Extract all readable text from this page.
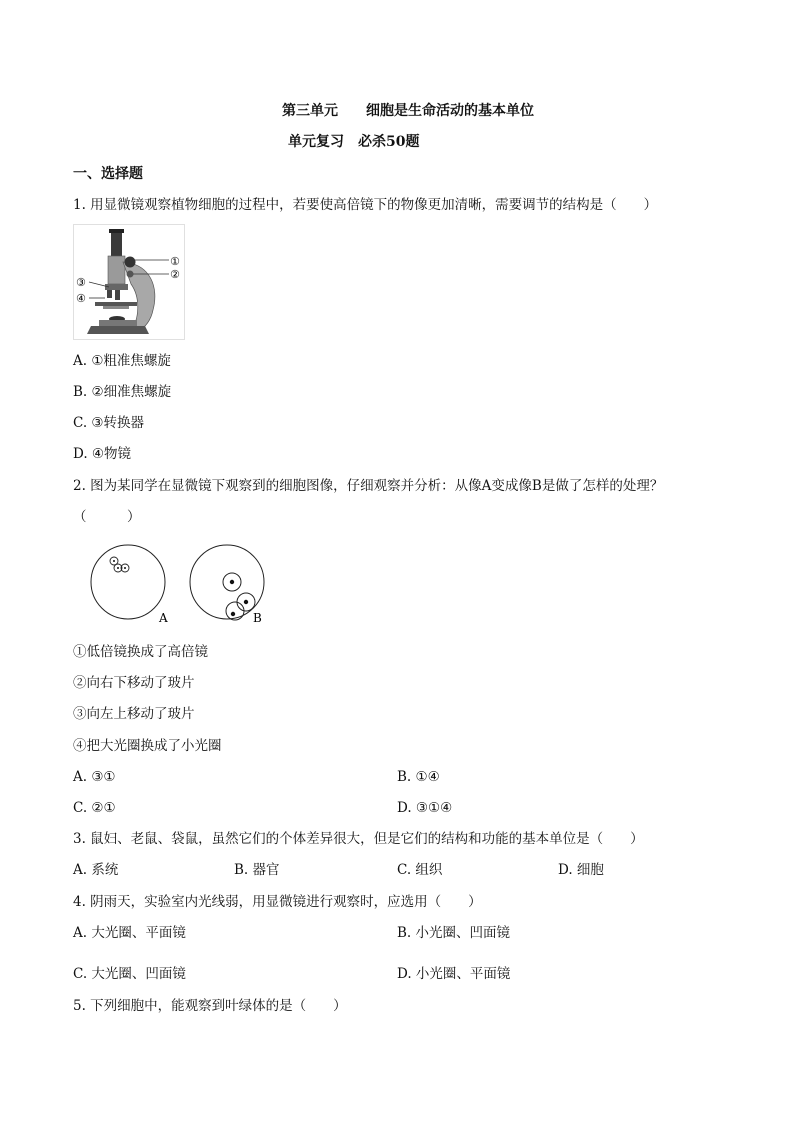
第三单元　　细胞是生命活动的基本单位
单元复习　必杀50题
一、选择题
1. 用显微镜观察植物细胞的过程中，若要使高倍镜下的物像更加清晰，需要调节的结构是（　　）
①
②
③
④
A. ①粗准焦螺旋
B. ②细准焦螺旋
C. ③转换器
D. ④物镜
2. 图为某同学在显微镜下观察到的细胞图像，仔细观察并分析：从像A变成像B是做了怎样的处理？
（　　　）
A	B
①低倍镜换成了高倍镜
②向右下移动了玻片
③向左上移动了玻片
④把大光圈换成了小光圈
A. ③①	B. ①④
C. ②①	D. ③①④
3. 鼠妇、老鼠、袋鼠，虽然它们的个体差异很大，但是它们的结构和功能的基本单位是（　　）
A. 系统	B. 器官	C. 组织	D. 细胞
4. 阴雨天，实验室内光线弱，用显微镜进行观察时，应选用（　　）
A. 大光圈、平面镜	B. 小光圈、凹面镜
C. 大光圈、凹面镜	D. 小光圈、平面镜
5. 下列细胞中，能观察到叶绿体的是（　　）
